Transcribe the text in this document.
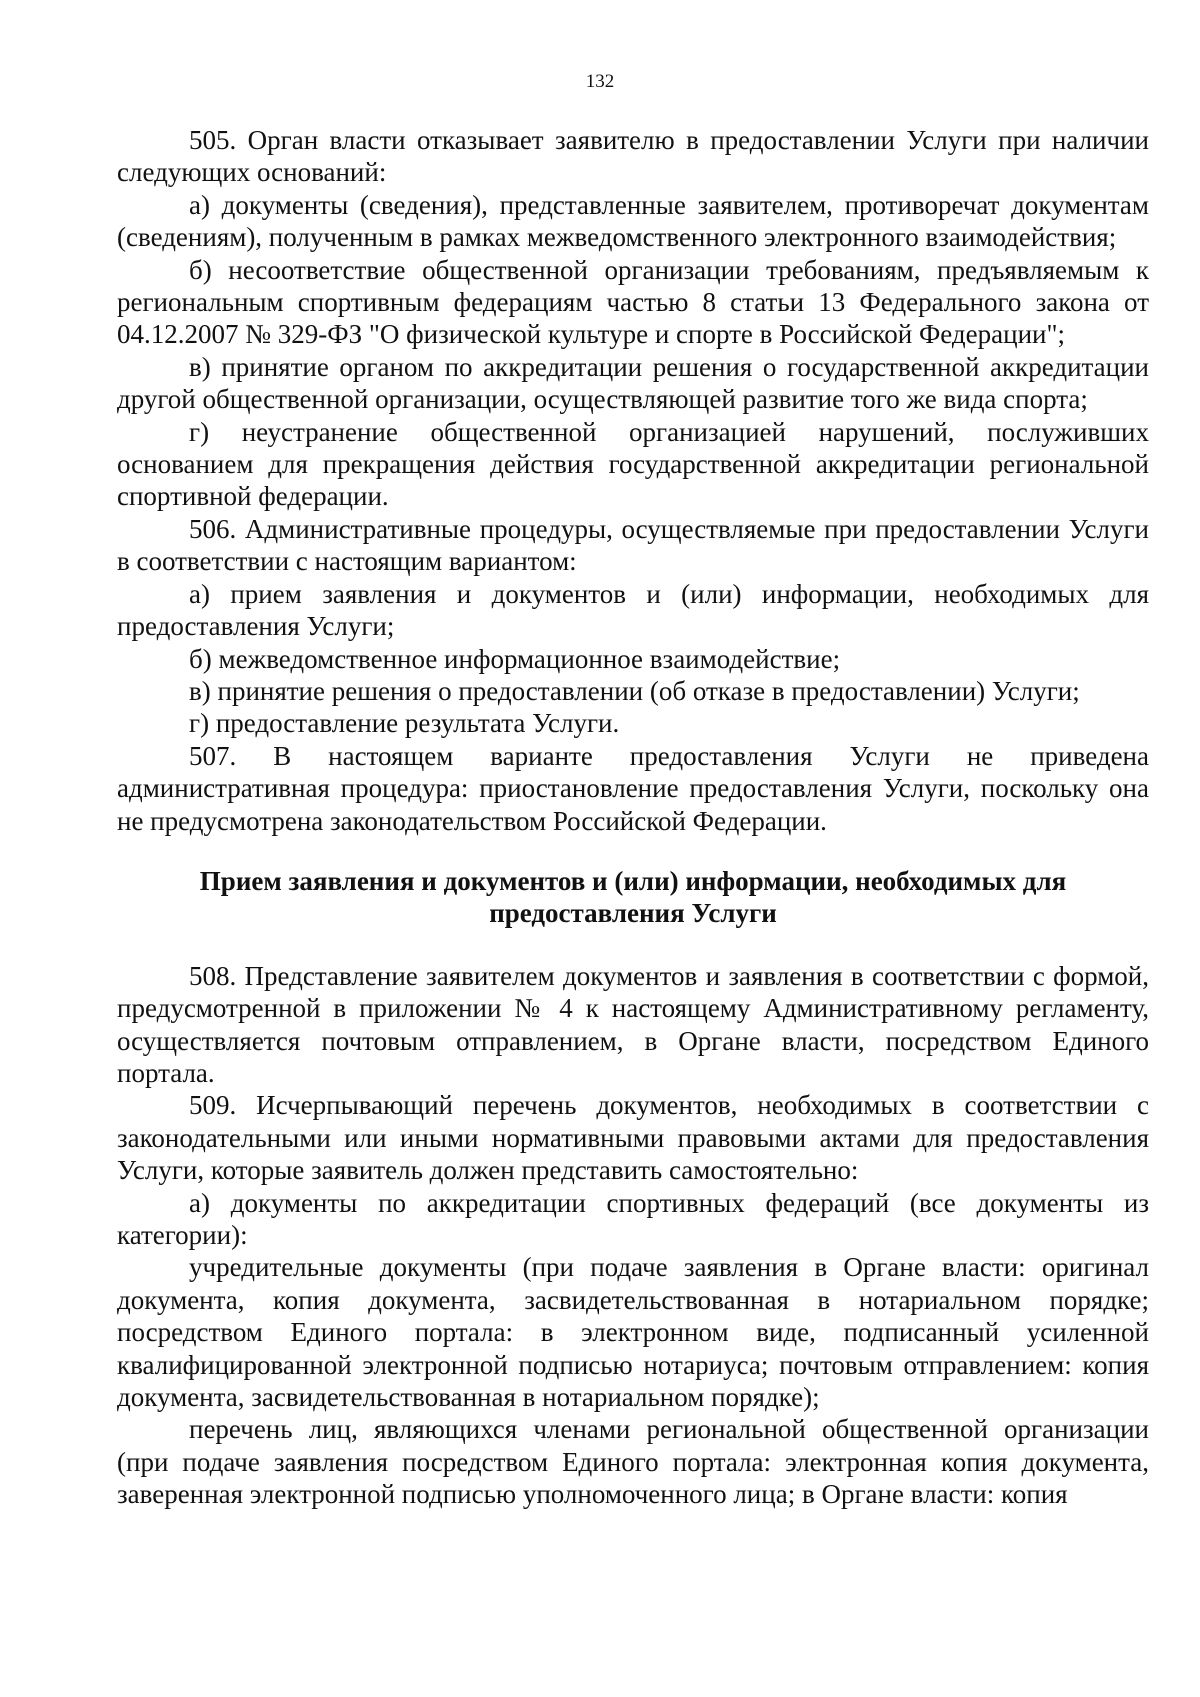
132

505. Орган власти отказывает заявителю в предоставлении Услуги при наличии следующих оснований:

а) документы (сведения), представленные заявителем, противоречат документам (сведениям), полученным в рамках межведомственного электронного взаимодействия;

б) несоответствие общественной организации требованиям, предъявляемым к региональным спортивным федерациям частью 8 статьи 13 Федерального закона от 04.12.2007 № 329-ФЗ "О физической культуре и спорте в Российской Федерации";

в) принятие органом по аккредитации решения о государственной аккредитации другой общественной организации, осуществляющей развитие того же вида спорта;

г) неустранение общественной организацией нарушений, послуживших основанием для прекращения действия государственной аккредитации региональной спортивной федерации.

506. Административные процедуры, осуществляемые при предоставлении Услуги в соответствии с настоящим вариантом:

а) прием заявления и документов и (или) информации, необходимых для предоставления Услуги;

б) межведомственное информационное взаимодействие;

в) принятие решения о предоставлении (об отказе в предоставлении) Услуги;

г) предоставление результата Услуги.

507. В настоящем варианте предоставления Услуги не приведена административная процедура: приостановление предоставления Услуги, поскольку она не предусмотрена законодательством Российской Федерации.

Прием заявления и документов и (или) информации, необходимых для предоставления Услуги

508. Представление заявителем документов и заявления в соответствии с формой, предусмотренной в приложении № 4 к настоящему Административному регламенту, осуществляется почтовым отправлением, в Органе власти, посредством Единого портала.

509. Исчерпывающий перечень документов, необходимых в соответствии с законодательными или иными нормативными правовыми актами для предоставления Услуги, которые заявитель должен представить самостоятельно:

а) документы по аккредитации спортивных федераций (все документы из категории):

учредительные документы (при подаче заявления в Органе власти: оригинал документа, копия документа, засвидетельствованная в нотариальном порядке; посредством Единого портала: в электронном виде, подписанный усиленной квалифицированной электронной подписью нотариуса; почтовым отправлением: копия документа, засвидетельствованная в нотариальном порядке);

перечень лиц, являющихся членами региональной общественной организации (при подаче заявления посредством Единого портала: электронная копия документа, заверенная электронной подписью уполномоченного лица; в Органе власти: копия
